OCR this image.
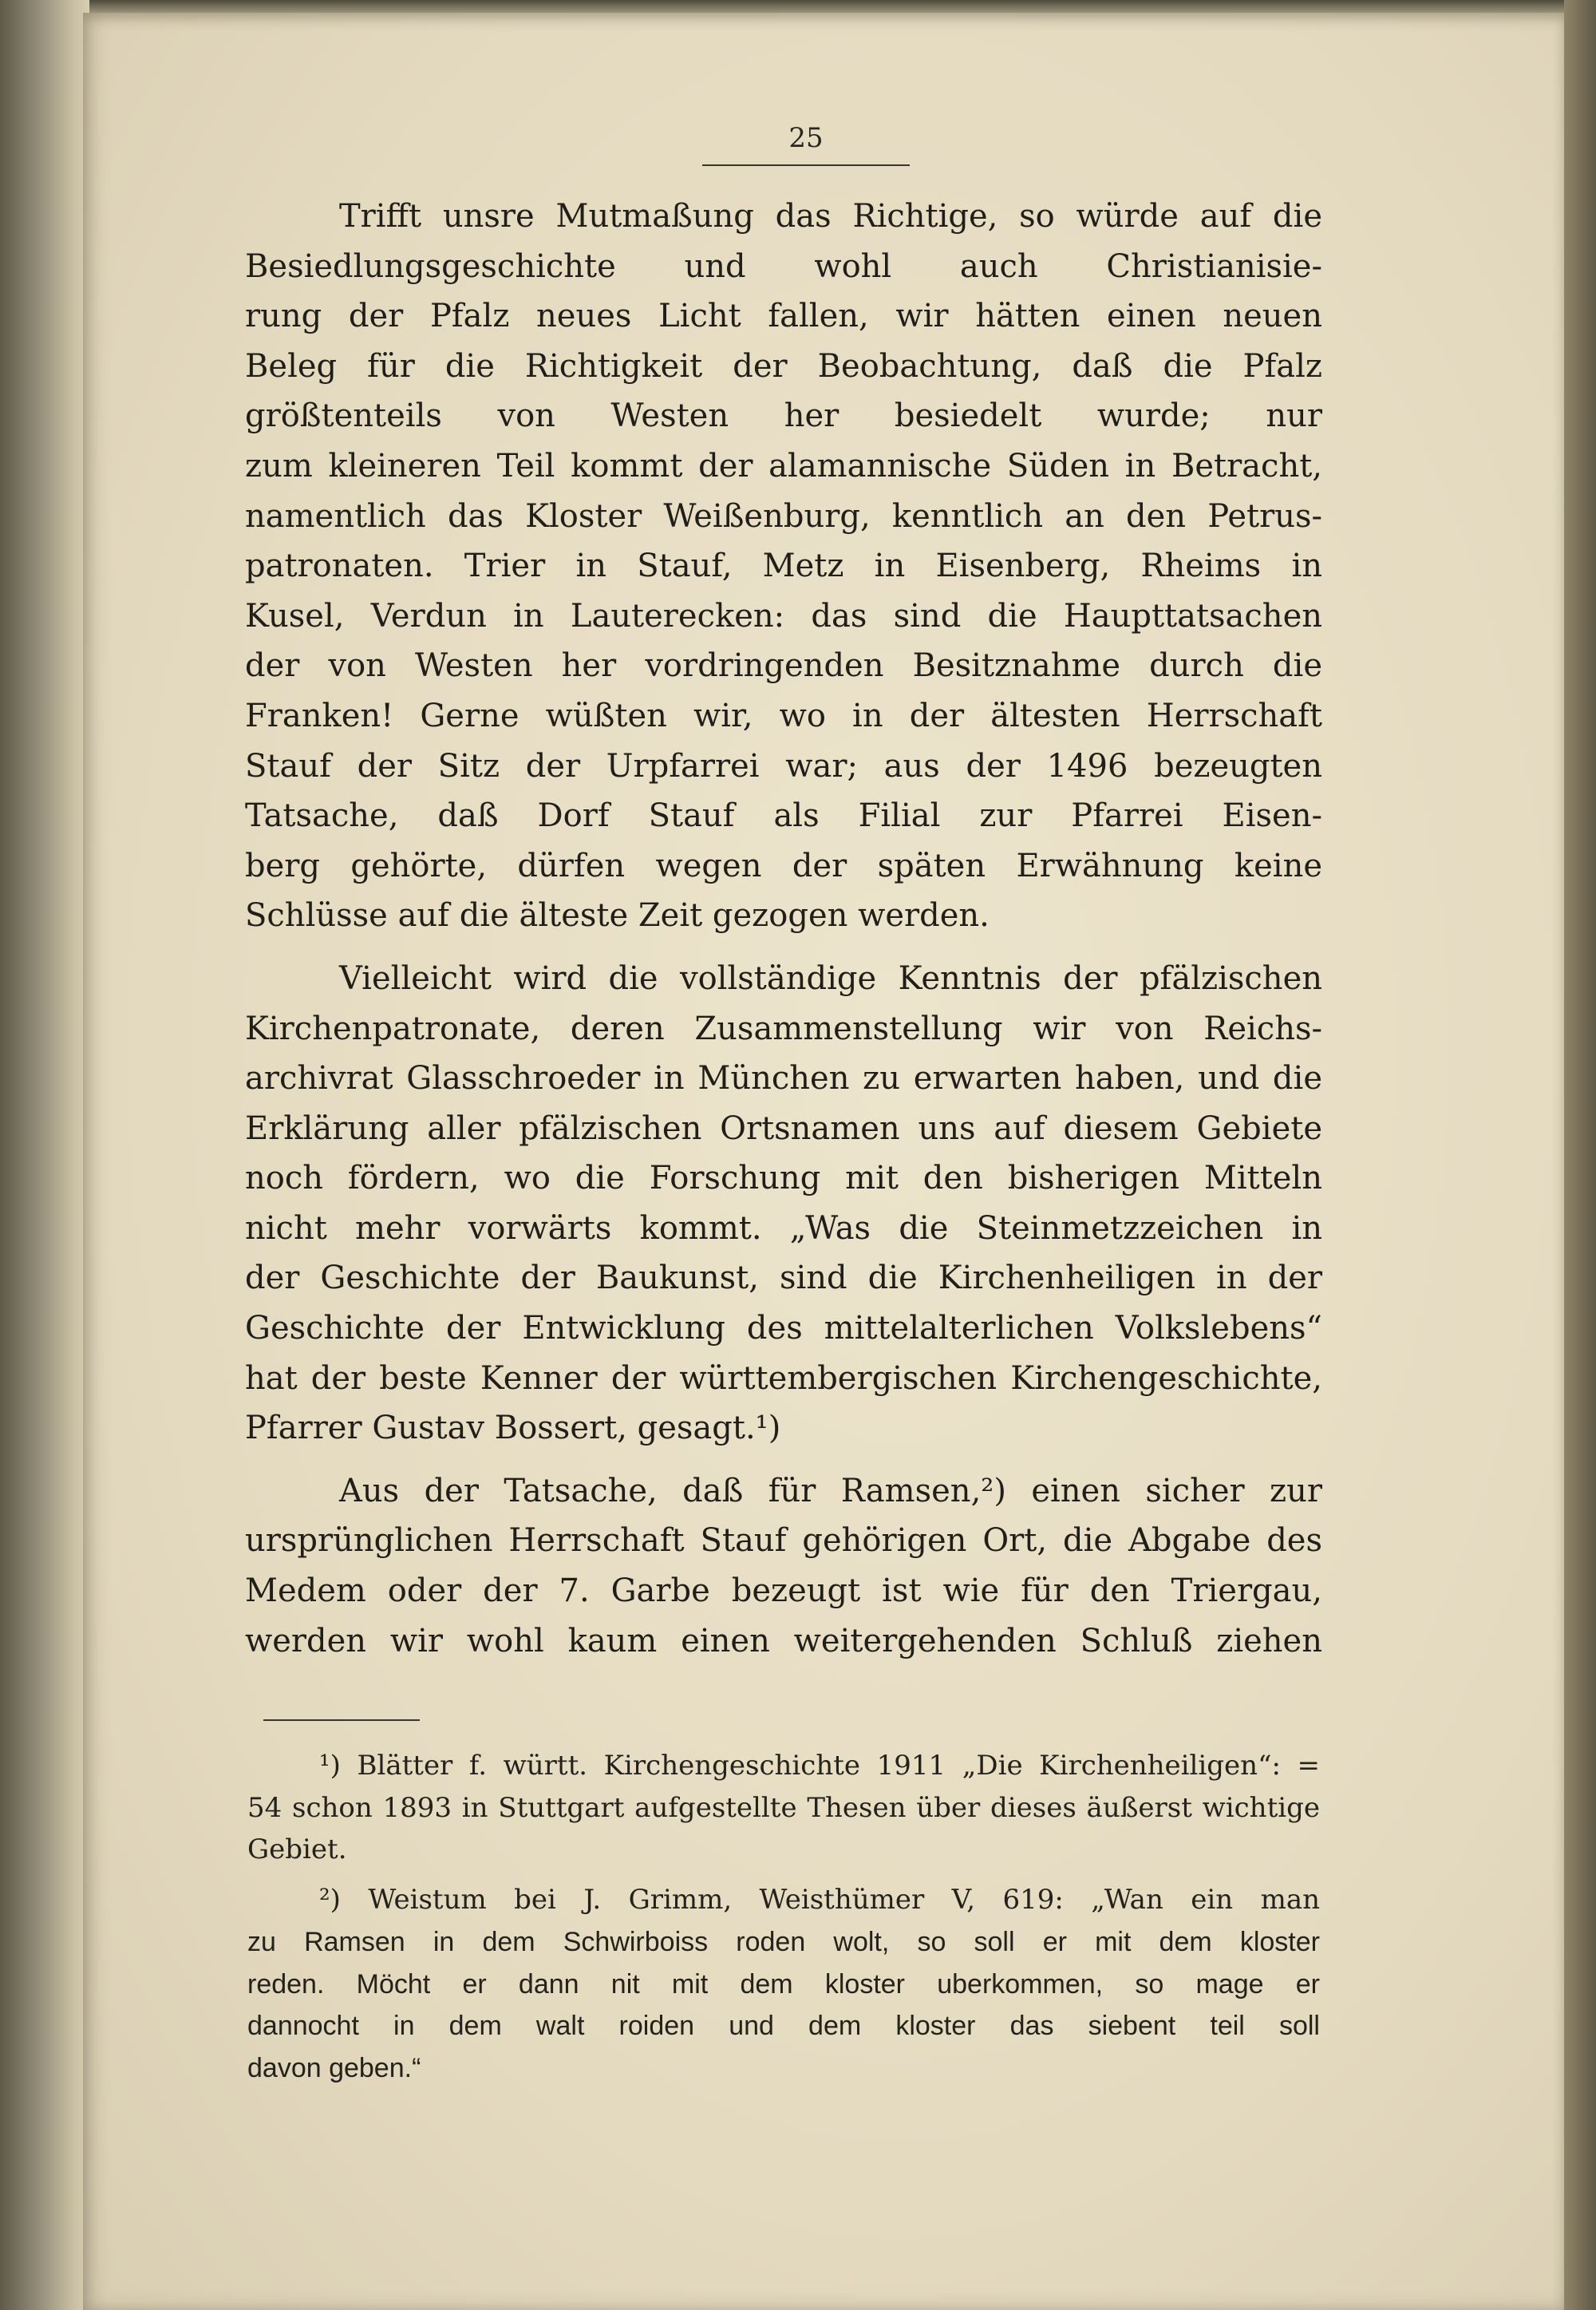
25

Trifft unsre Mutmaßung das Richtige, so würde auf die
Besiedlungsgeschichte und wohl auch Christianisie-
rung der Pfalz neues Licht fallen, wir hätten einen neuen
Beleg für die Richtigkeit der Beobachtung, daß die Pfalz
größtenteils von Westen her besiedelt wurde; nur
zum kleineren Teil kommt der alamannische Süden in Betracht,
namentlich das Kloster Weißenburg, kenntlich an den Petrus-
patronaten. Trier in Stauf, Metz in Eisenberg, Rheims in
Kusel, Verdun in Lauterecken: das sind die Haupttatsachen
der von Westen her vordringenden Besitznahme durch die
Franken! Gerne wüßten wir, wo in der ältesten Herrschaft
Stauf der Sitz der Urpfarrei war; aus der 1496 bezeugten
Tatsache, daß Dorf Stauf als Filial zur Pfarrei Eisen-
berg gehörte, dürfen wegen der späten Erwähnung keine
Schlüsse auf die älteste Zeit gezogen werden.

Vielleicht wird die vollständige Kenntnis der pfälzischen
Kirchenpatronate, deren Zusammenstellung wir von Reichs-
archivrat Glasschroeder in München zu erwarten haben, und die
Erklärung aller pfälzischen Ortsnamen uns auf diesem Gebiete
noch fördern, wo die Forschung mit den bisherigen Mitteln
nicht mehr vorwärts kommt. „Was die Steinmetzzeichen in
der Geschichte der Baukunst, sind die Kirchenheiligen in der
Geschichte der Entwicklung des mittelalterlichen Volkslebens“
hat der beste Kenner der württembergischen Kirchengeschichte,
Pfarrer Gustav Bossert, gesagt.¹)

Aus der Tatsache, daß für Ramsen,²) einen sicher zur
ursprünglichen Herrschaft Stauf gehörigen Ort, die Abgabe des
Medem oder der 7. Garbe bezeugt ist wie für den Triergau,
werden wir wohl kaum einen weitergehenden Schluß ziehen

¹) Blätter f. württ. Kirchengeschichte 1911 „Die Kirchenheiligen“: =
54 schon 1893 in Stuttgart aufgestellte Thesen über dieses äußerst wichtige
Gebiet.
²) Weistum bei J. Grimm, Weisthümer V, 619: „Wan ein man
zu Ramsen in dem Schwirboiss roden wolt, so soll er mit dem kloster
reden. Möcht er dann nit mit dem kloster uberkommen, so mage er
dannocht in dem walt roiden und dem kloster das siebent teil soll
davon geben.“
